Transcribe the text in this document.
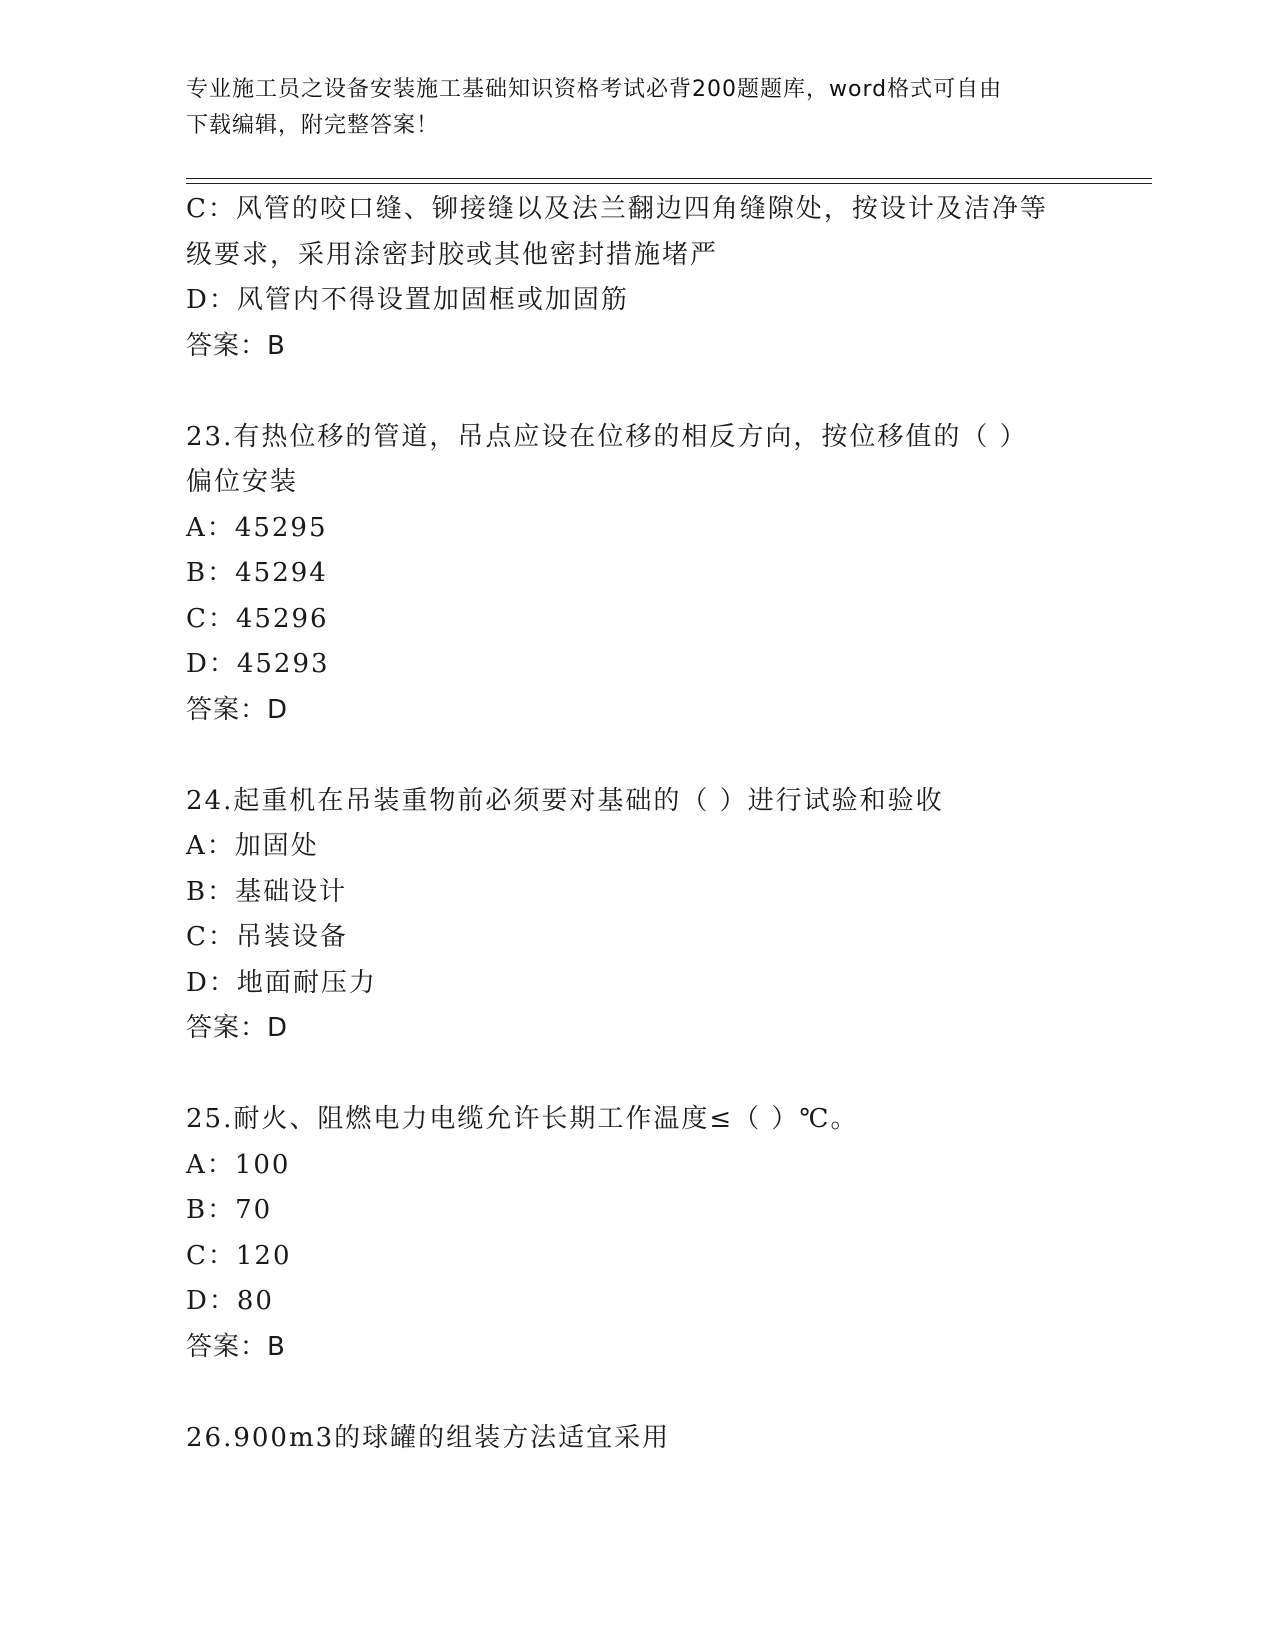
专业施工员之设备安装施工基础知识资格考试必背200题题库，word格式可自由

下载编辑，附完整答案！

C：风管的咬口缝、铆接缝以及法兰翻边四角缝隙处，按设计及洁净等

级要求，采用涂密封胶或其他密封措施堵严

D：风管内不得设置加固框或加固筋

答案：B

23.有热位移的管道，吊点应设在位移的相反方向，按位移值的（ ）

偏位安装

A：45295

B：45294

C：45296

D：45293

答案：D

24.起重机在吊装重物前必须要对基础的（ ）进行试验和验收

A：加固处

B：基础设计

C：吊装设备

D：地面耐压力

答案：D

25.耐火、阻燃电力电缆允许长期工作温度≤（ ）℃。

A：100

B：70

C：120

D：80

答案：B

26.900m3的球罐的组装方法适宜采用
